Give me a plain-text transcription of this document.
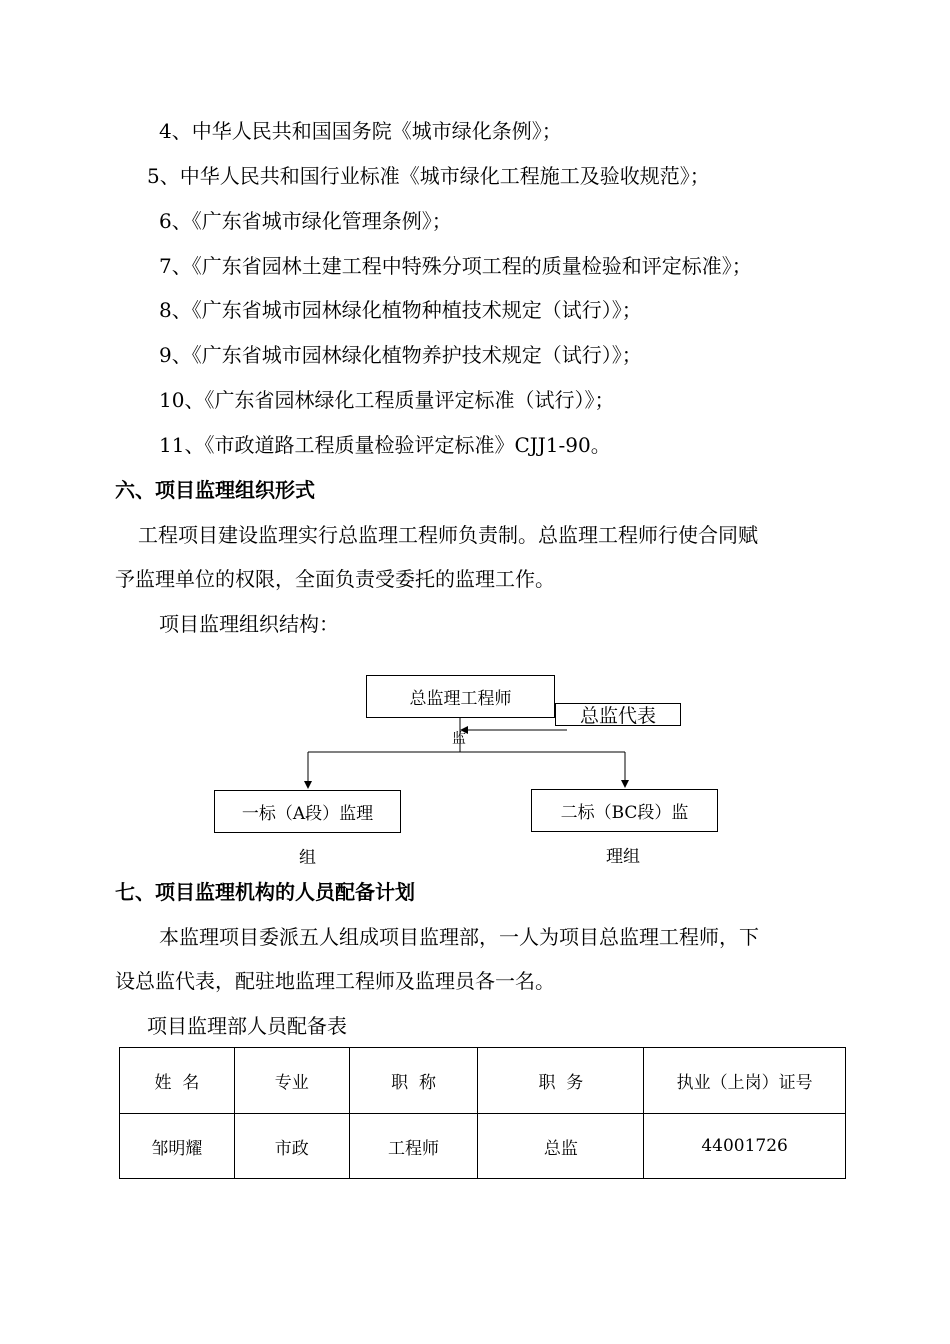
4、中华人民共和国国务院《城市绿化条例》；
5、中华人民共和国行业标准《城市绿化工程施工及验收规范》；
6、《广东省城市绿化管理条例》；
7、《广东省园林土建工程中特殊分项工程的质量检验和评定标准》；
8、《广东省城市园林绿化植物种植技术规定（试行）》；
9、《广东省城市园林绿化植物养护技术规定（试行）》；
10、《广东省园林绿化工程质量评定标准（试行）》；
11、《市政道路工程质量检验评定标准》CJJ1-90。
六、项目监理组织形式
工程项目建设监理实行总监理工程师负责制。总监理工程师行使合同赋
予监理单位的权限，全面负责受委托的监理工作。
项目监理组织结构：
总监理工程师
总监代表
监
一标（A段）监理
组
二标（BC段）监
理组
七、项目监理机构的人员配备计划
本监理项目委派五人组成项目监理部，一人为项目总监理工程师，下
设总监代表，配驻地监理工程师及监理员各一名。
项目监理部人员配备表
姓  名	专业	职  称	职  务	执业（上岗）证号
邹明耀	市政	工程师	总监	44001726
